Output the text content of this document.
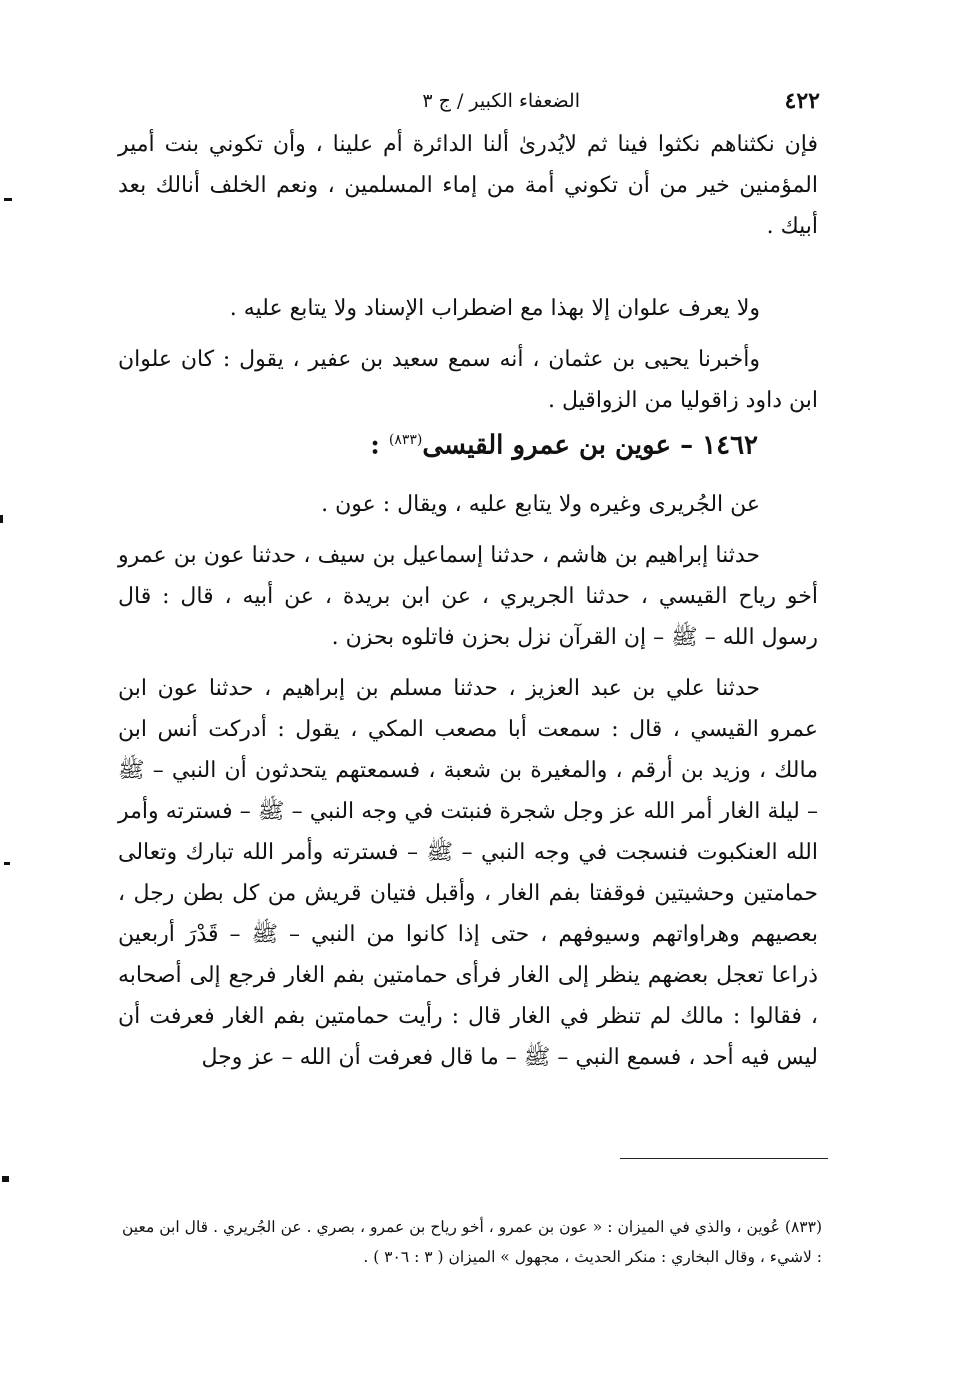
٤٢٢
الضعفاء الكبير / ج ٣

فإن نكثناهم نكثوا فينا ثم لايُدرىٰ ألنا الدائرة أم علينا ، وأن تكوني بنت أمير المؤمنين خير من أن تكوني أمة من إماء المسلمين ، ونعم الخلف أنالك بعد أبيك .

ولا يعرف علوان إلا بهذا مع اضطراب الإسناد ولا يتابع عليه .

وأخبرنا يحيى بن عثمان ، أنه سمع سعيد بن عفير ، يقول : كان علوان ابن داود زاقوليا من الزواقيل .

١٤٦٢ – عوين بن عمرو القيسى$^{(٨٣٣)}$ :

عن الجُريرى وغيره ولا يتابع عليه ، ويقال : عون .

حدثنا إبراهيم بن هاشم ، حدثنا إسماعيل بن سيف ، حدثنا عون بن عمرو أخو رياح القيسي ، حدثنا الجريري ، عن ابن بريدة ، عن أبيه ، قال : قال رسول الله – ﷺ – إن القرآن نزل بحزن فاتلوه بحزن .

حدثنا علي بن عبد العزيز ، حدثنا مسلم بن إبراهيم ، حدثنا عون ابن عمرو القيسي ، قال : سمعت أبا مصعب المكي ، يقول : أدركت أنس ابن مالك ، وزيد بن أرقم ، والمغيرة بن شعبة ، فسمعتهم يتحدثون أن النبي – ﷺ – ليلة الغار أمر الله عز وجل شجرة فنبتت في وجه النبي – ﷺ – فسترته وأمر الله العنكبوت فنسجت في وجه النبي – ﷺ – فسترته وأمر الله تبارك وتعالى حمامتين وحشيتين فوقفتا بفم الغار ، وأقبل فتيان قريش من كل بطن رجل ، بعصيهم وهراواتهم وسيوفهم ، حتى إذا كانوا من النبي – ﷺ – قَدْرَ أربعين ذراعا تعجل بعضهم ينظر إلى الغار فرأى حمامتين بفم الغار فرجع إلى أصحابه ، فقالوا : مالك لم تنظر في الغار قال : رأيت حمامتين بفم الغار فعرفت أن ليس فيه أحد ، فسمع النبي – ﷺ – ما قال فعرفت أن الله – عز وجل

(٨٣٣) عُوين ، والذي في الميزان : « عون بن عمرو ، أخو رياح بن عمرو ، بصري . عن الجُريري . قال ابن معين : لاشيء ، وقال البخاري : منكر الحديث ، مجهول » الميزان ( ٣ : ٣٠٦ ) .
